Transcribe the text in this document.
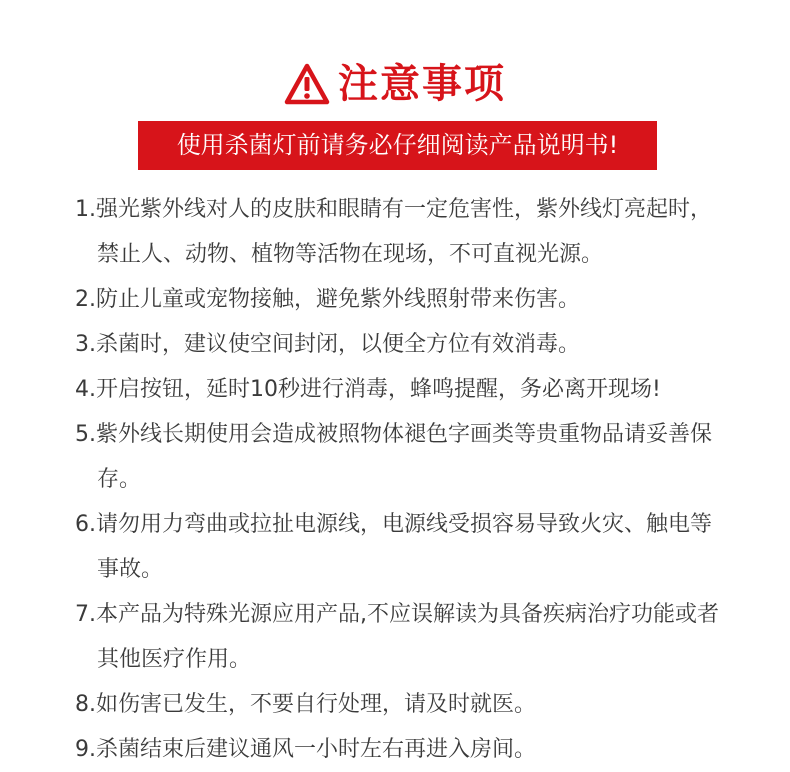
注意事项
使用杀菌灯前请务必仔细阅读产品说明书!
1.强光紫外线对人的皮肤和眼睛有一定危害性，紫外线灯亮起时，禁止人、动物、植物等活物在现场，不可直视光源。
2.防止儿童或宠物接触，避免紫外线照射带来伤害。
3.杀菌时，建议使空间封闭，以便全方位有效消毒。
4.开启按钮，延时10秒进行消毒，蜂鸣提醒，务必离开现场!
5.紫外线长期使用会造成被照物体褪色字画类等贵重物品请妥善保存。
6.请勿用力弯曲或拉扯电源线，电源线受损容易导致火灾、触电等事故。
7.本产品为特殊光源应用产品,不应误解读为具备疾病治疗功能或者其他医疗作用。
8.如伤害已发生，不要自行处理，请及时就医。
9.杀菌结束后建议通风一小时左右再进入房间。
